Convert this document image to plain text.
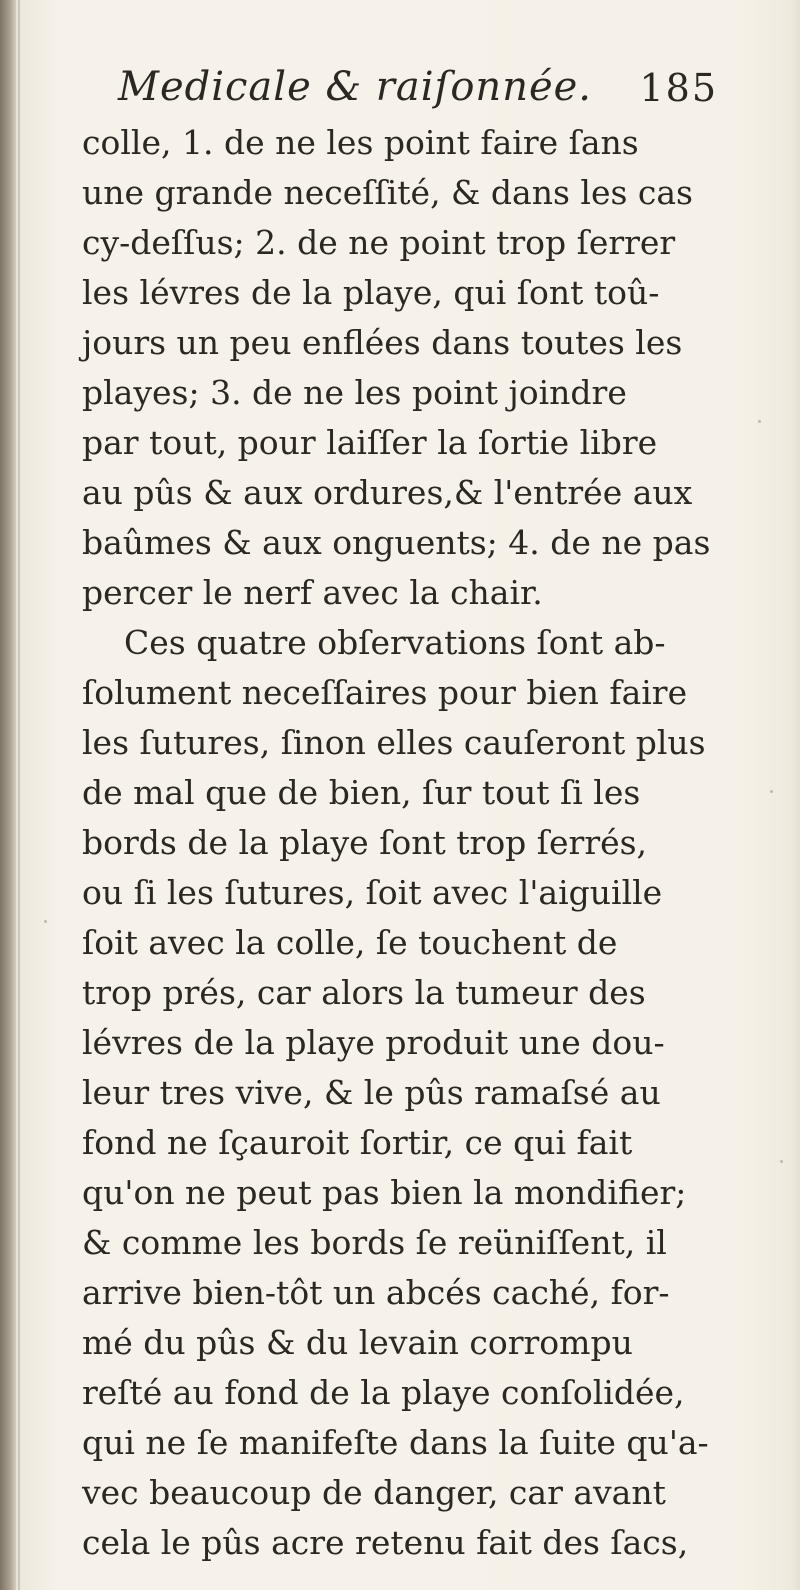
Medicale & raiſonnée. 185
colle, 1. de ne les point faire ſans
une grande neceſſité, & dans les cas
cy-deſſus; 2. de ne point trop ſerrer
les lévres de la playe, qui ſont toû-
jours un peu enflées dans toutes les
playes; 3. de ne les point joindre
par tout, pour laiſſer la ſortie libre
au pûs & aux ordures,& l'entrée aux
baûmes & aux onguents; 4. de ne pas
percer le nerf avec la chair.
Ces quatre obſervations ſont ab-
ſolument neceſſaires pour bien faire
les ſutures, ſinon elles cauſeront plus
de mal que de bien, ſur tout ſi les
bords de la playe ſont trop ſerrés,
ou ſi les ſutures, ſoit avec l'aiguille
ſoit avec la colle, ſe touchent de
trop prés, car alors la tumeur des
lévres de la playe produit une dou-
leur tres vive, & le pûs ramaſsé au
fond ne ſçauroit ſortir, ce qui fait
qu'on ne peut pas bien la mondifier;
& comme les bords ſe reüniſſent, il
arrive bien-tôt un abcés caché, for-
mé du pûs & du levain corrompu
reſté au fond de la playe conſolidée,
qui ne ſe manifeſte dans la ſuite qu'a-
vec beaucoup de danger, car avant
cela le pûs acre retenu fait des ſacs,
